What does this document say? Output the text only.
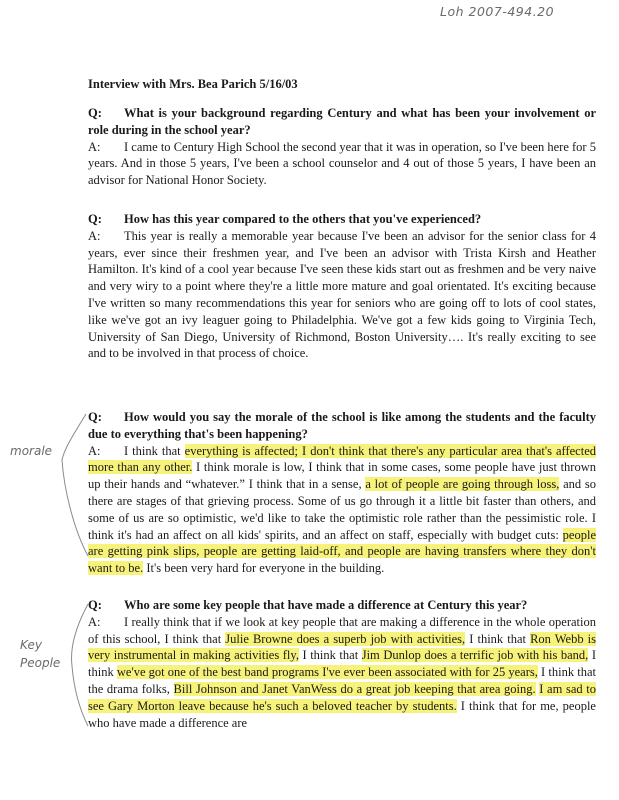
Loh 2007-494.20
Interview with Mrs. Bea Parich 5/16/03
Q: What is your background regarding Century and what has been your involvement or role during in the school year?
A: I came to Century High School the second year that it was in operation, so I've been here for 5 years. And in those 5 years, I've been a school counselor and 4 out of those 5 years, I have been an advisor for National Honor Society.
Q: How has this year compared to the others that you've experienced?
A: This year is really a memorable year because I've been an advisor for the senior class for 4 years, ever since their freshmen year, and I've been an advisor with Trista Kirsh and Heather Hamilton. It's kind of a cool year because I've seen these kids start out as freshmen and be very naive and very wiry to a point where they're a little more mature and goal orientated. It's exciting because I've written so many recommendations this year for seniors who are going off to lots of cool states, like we've got an ivy leaguer going to Philadelphia. We've got a few kids going to Virginia Tech, University of San Diego, University of Richmond, Boston University…. It's really exciting to see and to be involved in that process of choice.
Q: How would you say the morale of the school is like among the students and the faculty due to everything that's been happening?
A: I think that everything is affected; I don't think that there's any particular area that's affected more than any other. I think morale is low, I think that in some cases, some people have just thrown up their hands and “whatever.” I think that in a sense, a lot of people are going through loss, and so there are stages of that grieving process. Some of us go through it a little bit faster than others, and some of us are so optimistic, we'd like to take the optimistic role rather than the pessimistic role. I think it's had an affect on all kids' spirits, and an affect on staff, especially with budget cuts: people are getting pink slips, people are getting laid-off, and people are having transfers where they don't want to be. It's been very hard for everyone in the building.
Q: Who are some key people that have made a difference at Century this year?
A: I really think that if we look at key people that are making a difference in the whole operation of this school, I think that Julie Browne does a superb job with activities, I think that Ron Webb is very instrumental in making activities fly, I think that Jim Dunlop does a terrific job with his band, I think we've got one of the best band programs I've ever been associated with for 25 years, I think that the drama folks, Bill Johnson and Janet VanWess do a great job keeping that area going. I am sad to see Gary Morton leave because he's such a beloved teacher by students. I think that for me, people who have made a difference are
morale
Key
People
